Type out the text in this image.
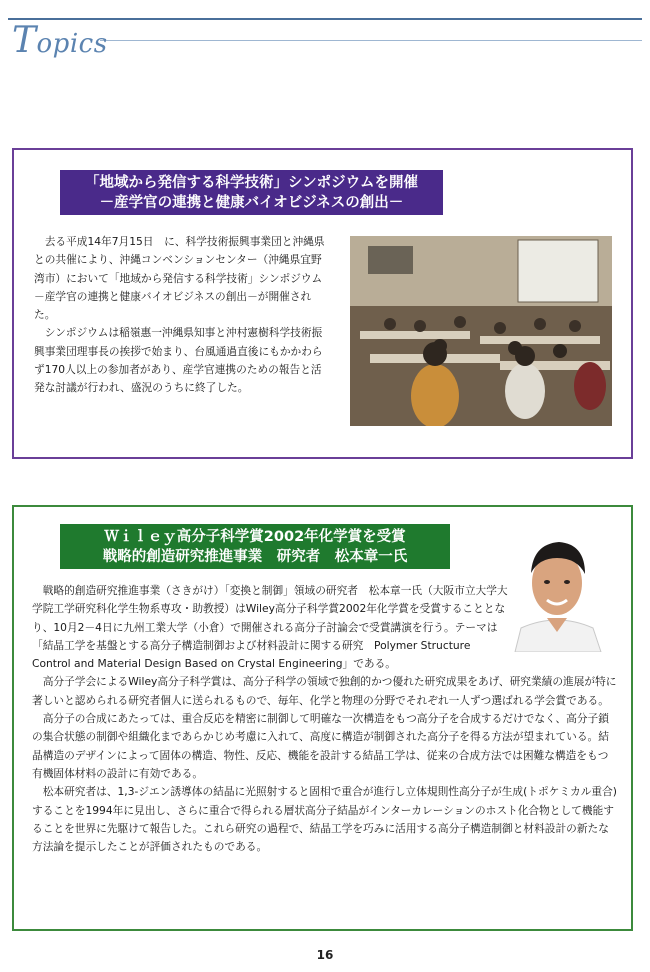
Topics
「地域から発信する科学技術」シンポジウムを開催
－産学官の連携と健康バイオビジネスの創出－

去る平成14年7月15日　に、科学技術振興事業団と沖縄県との共催により、沖縄コンベンションセンター（沖縄県宜野湾市）において「地域から発信する科学技術」シンポジウム－産学官の連携と健康バイオビジネスの創出－が開催された。

シンポジウムは稲嶺惠一沖縄県知事と沖村憲樹科学技術振興事業団理事長の挨拶で始まり、台風通過直後にもかかわらず170人以上の参加者があり、産学官連携のための報告と活発な討議が行われ、盛況のうちに終了した。

Ｗｉｌｅｙ高分子科学賞2002年化学賞を受賞
戦略的創造研究推進事業　研究者　松本章一氏

戦略的創造研究推進事業（さきがけ）「変換と制御」領域の研究者　松本章一氏（大阪市立大学大学院工学研究科化学生物系専攻・助教授）はWiley高分子科学賞2002年化学賞を受賞することとなり、10月2－4日に九州工業大学（小倉）で開催される高分子討論会で受賞講演を行う。テーマは「結晶工学を基盤とする高分子構造制御および材料設計に関する研究　Polymer Structure Control and Material Design Based on Crystal Engineering」である。

高分子学会によるWiley高分子科学賞は、高分子科学の領域で独創的かつ優れた研究成果をあげ、研究業績の進展が特に著しいと認められる研究者個人に送られるもので、毎年、化学と物理の分野でそれぞれ一人ずつ選ばれる学会賞である。

高分子の合成にあたっては、重合反応を精密に制御して明確な一次構造をもつ高分子を合成するだけでなく、高分子鎖の集合状態の制御や組織化まであらかじめ考慮に入れて、高度に構造が制御された高分子を得る方法が望まれている。結晶構造のデザインによって固体の構造、物性、反応、機能を設計する結晶工学は、従来の合成方法では困難な構造をもつ有機固体材料の設計に有効である。

松本研究者は、1,3-ジエン誘導体の結晶に光照射すると固相で重合が進行し立体規則性高分子が生成(トポケミカル重合)することを1994年に見出し、さらに重合で得られる層状高分子結晶がインターカレーションのホスト化合物として機能することを世界に先駆けて報告した。これら研究の過程で、結晶工学を巧みに活用する高分子構造制御と材料設計の新たな方法論を提示したことが評価されたものである。

16
